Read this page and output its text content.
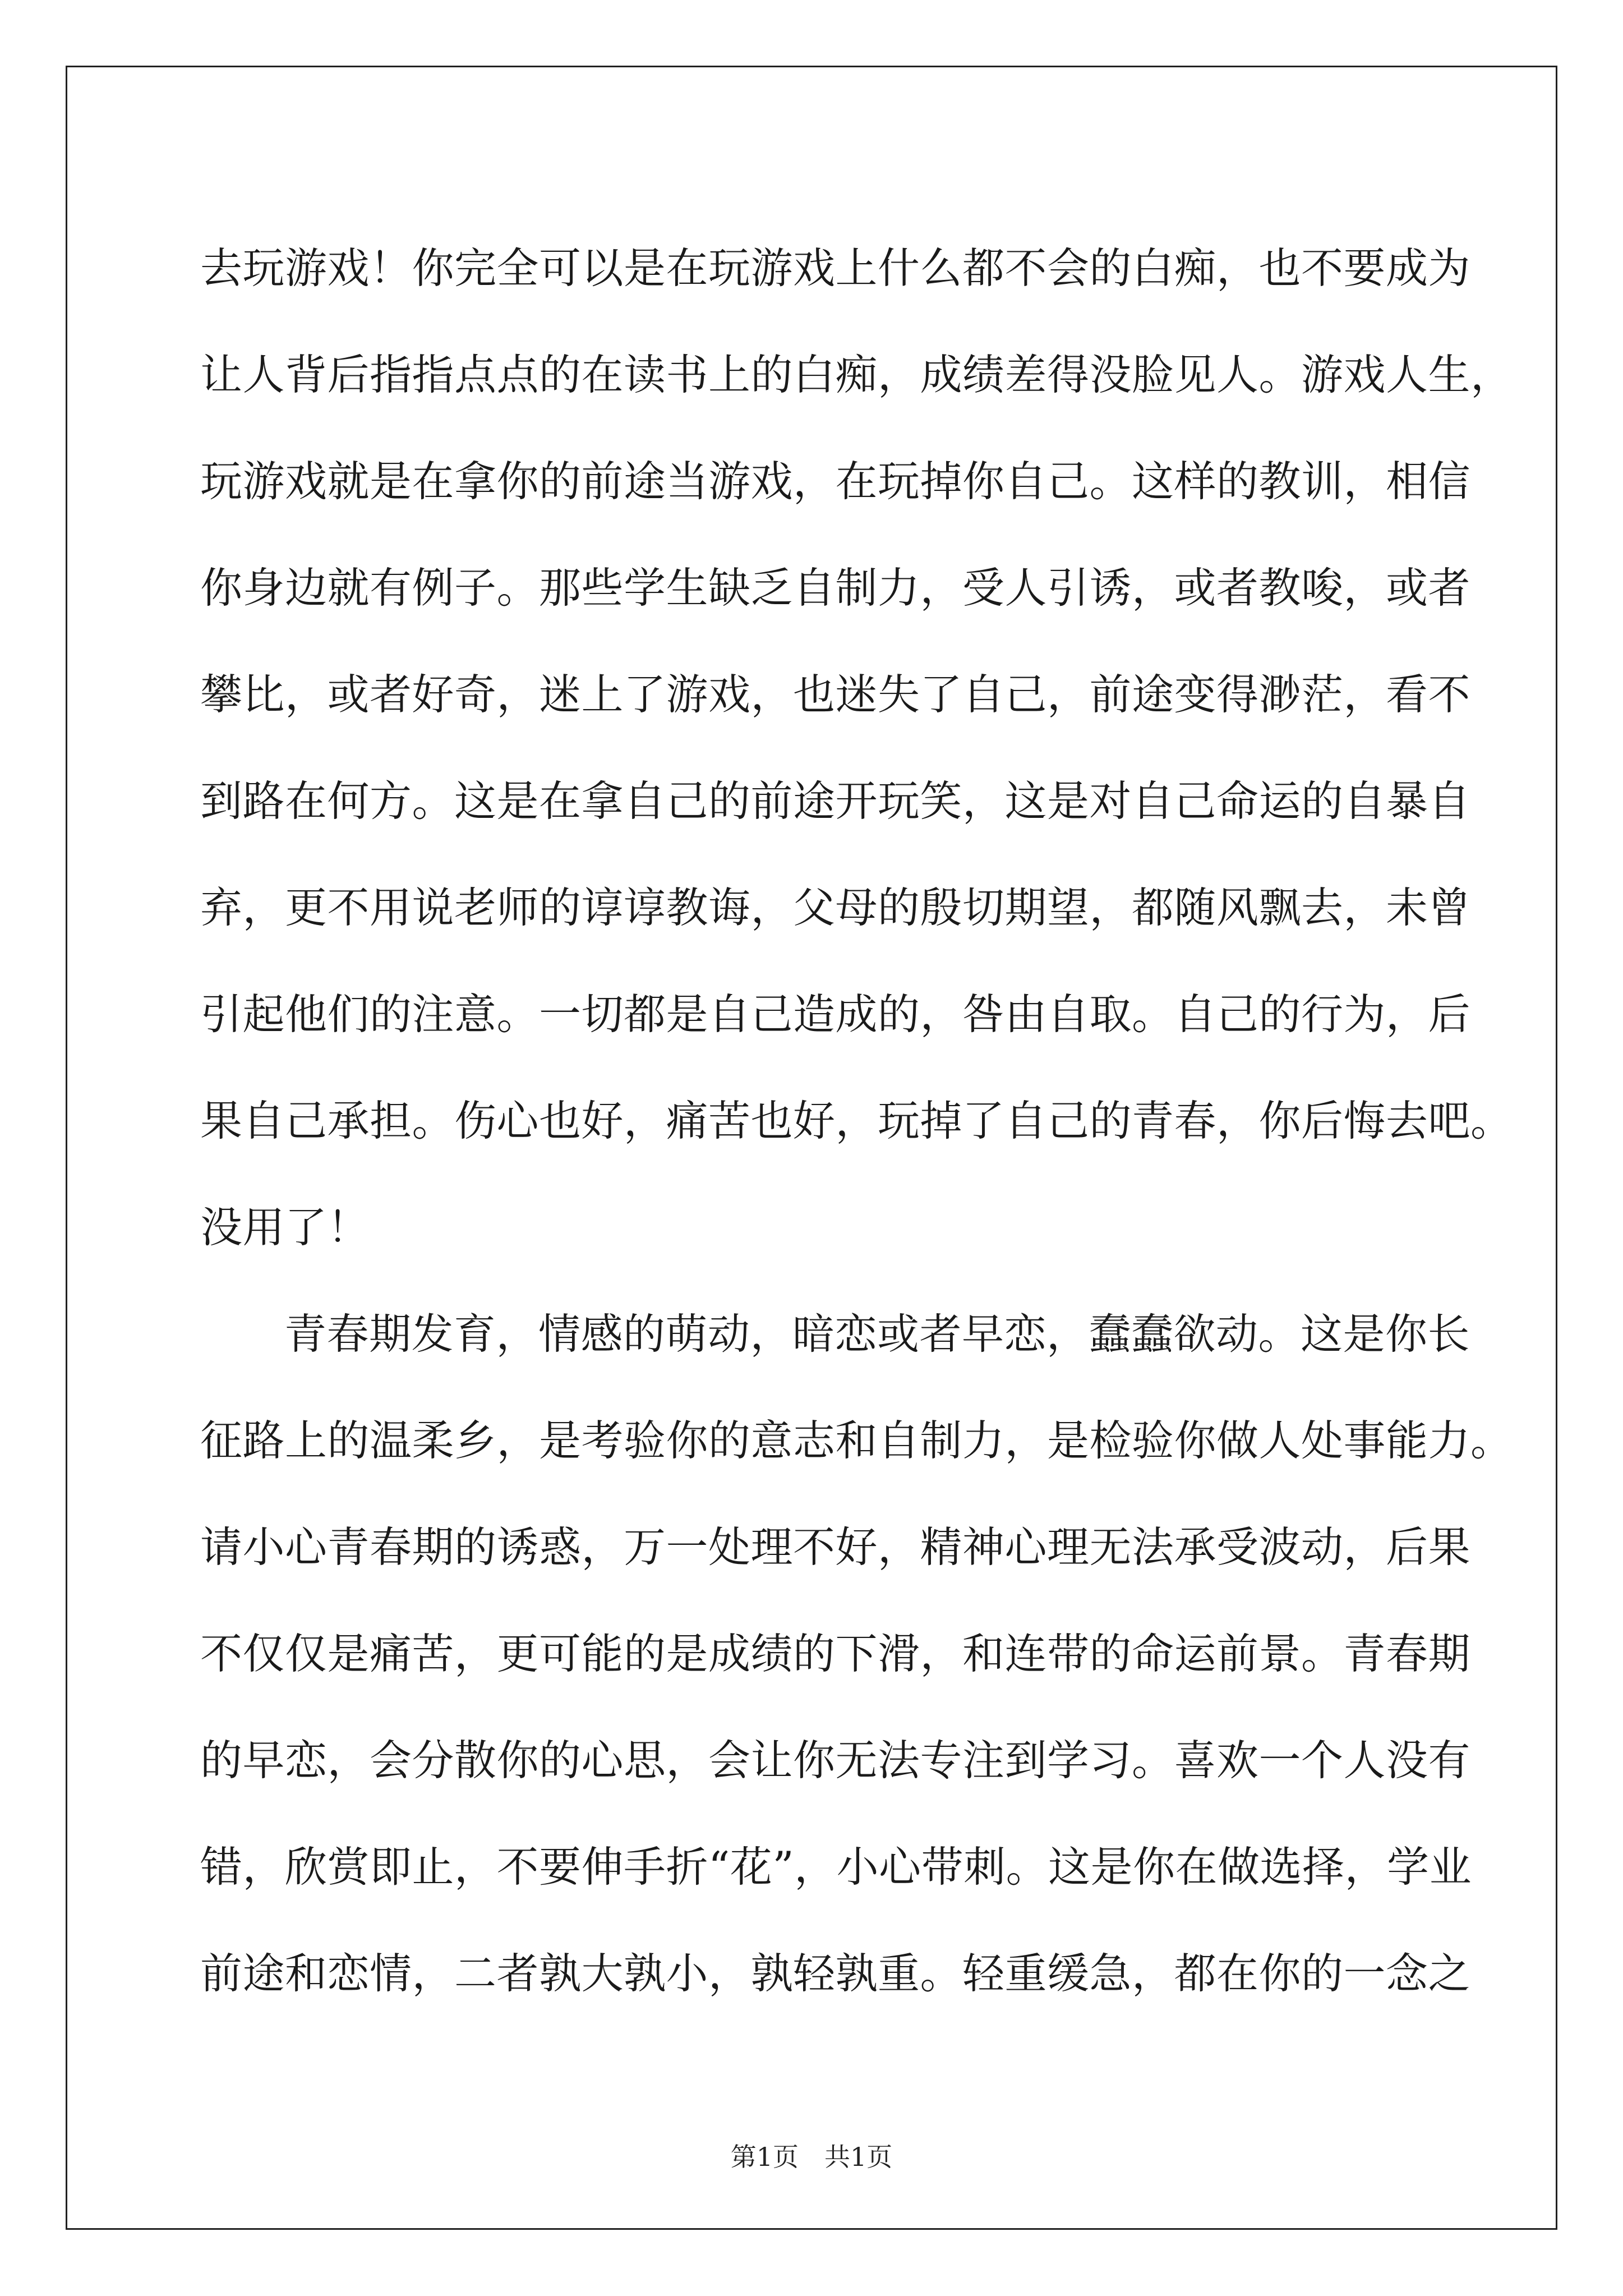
去玩游戏！你完全可以是在玩游戏上什么都不会的白痴，也不要成为
让人背后指指点点的在读书上的白痴，成绩差得没脸见人。游戏人生，
玩游戏就是在拿你的前途当游戏，在玩掉你自己。这样的教训，相信
你身边就有例子。那些学生缺乏自制力，受人引诱，或者教唆，或者
攀比，或者好奇，迷上了游戏，也迷失了自己，前途变得渺茫，看不
到路在何方。这是在拿自己的前途开玩笑，这是对自己命运的自暴自
弃，更不用说老师的谆谆教诲，父母的殷切期望，都随风飘去，未曾
引起他们的注意。一切都是自己造成的，咎由自取。自己的行为，后
果自己承担。伤心也好，痛苦也好，玩掉了自己的青春，你后悔去吧。
没用了！
青春期发育，情感的萌动，暗恋或者早恋，蠢蠢欲动。这是你长
征路上的温柔乡，是考验你的意志和自制力，是检验你做人处事能力。
请小心青春期的诱惑，万一处理不好，精神心理无法承受波动，后果
不仅仅是痛苦，更可能的是成绩的下滑，和连带的命运前景。青春期
的早恋，会分散你的心思，会让你无法专注到学习。喜欢一个人没有
错，欣赏即止，不要伸手折“花”，小心带刺。这是你在做选择，学业
前途和恋情，二者孰大孰小，孰轻孰重。轻重缓急，都在你的一念之
第1页 共1页
